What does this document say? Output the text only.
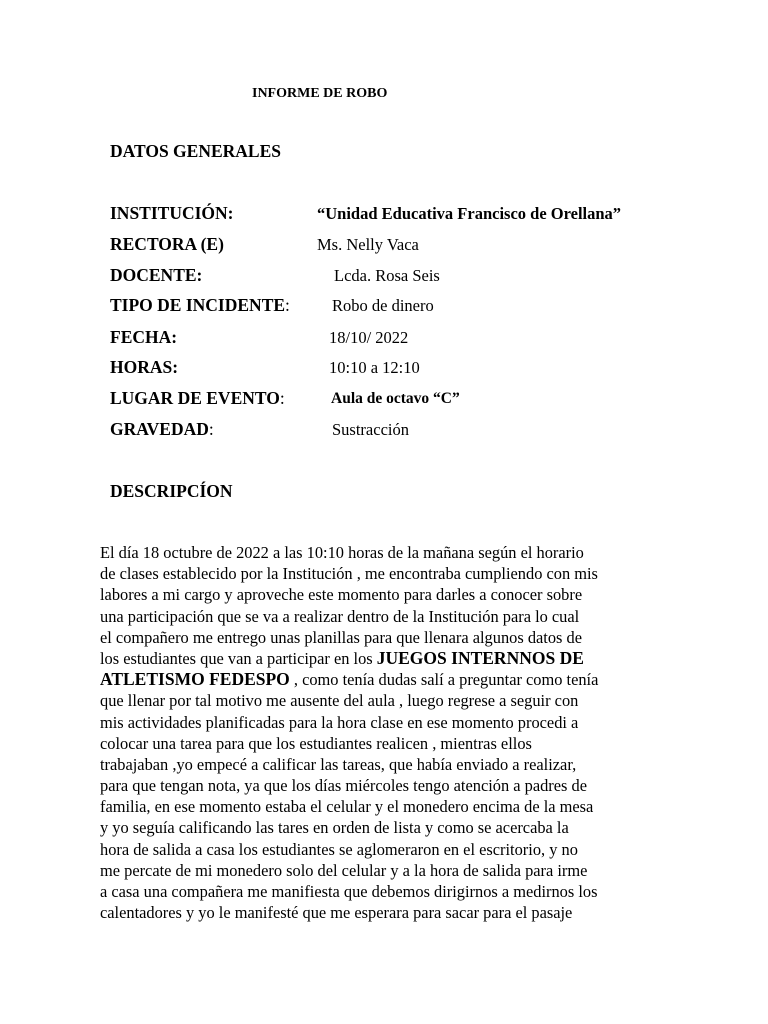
INFORME DE ROBO
DATOS GENERALES
INSTITUCIÓN:	“Unidad Educativa Francisco de Orellana”
RECTORA (E)	Ms. Nelly Vaca
DOCENTE:	Lcda. Rosa Seis
TIPO DE INCIDENTE:	Robo de dinero
FECHA:	18/10/ 2022
HORAS:	10:10 a 12:10
LUGAR DE EVENTO:	Aula de octavo “C”
GRAVEDAD:	Sustracción
DESCRIPCÍON
El día 18 octubre de 2022 a las 10:10 horas de la mañana según el horario
de clases establecido por la Institución , me encontraba cumpliendo con mis
labores a mi cargo y aproveche este momento para darles a conocer sobre
una participación que se va a realizar dentro de la Institución para lo cual
el compañero me entrego unas planillas para que llenara algunos datos de
los estudiantes que van a participar en los JUEGOS INTERNNOS DE
ATLETISMO FEDESPO , como tenía dudas salí a preguntar como tenía
que llenar por tal motivo me ausente del aula , luego regrese a seguir con
mis actividades planificadas para la hora clase en ese momento procedi a
colocar una tarea para que los estudiantes realicen , mientras ellos
trabajaban ,yo empecé a calificar las tareas, que había enviado a realizar,
para que tengan nota, ya que los días miércoles tengo atención a padres de
familia, en ese momento estaba el celular y el monedero encima de la mesa
y yo seguía calificando las tares en orden de lista y como se acercaba la
hora de salida a casa los estudiantes se aglomeraron en el escritorio, y no
me percate de mi monedero solo del celular y a la hora de salida para irme
a casa una compañera me manifiesta que debemos dirigirnos a medirnos los
calentadores y yo le manifesté que me esperara para sacar para el pasaje
